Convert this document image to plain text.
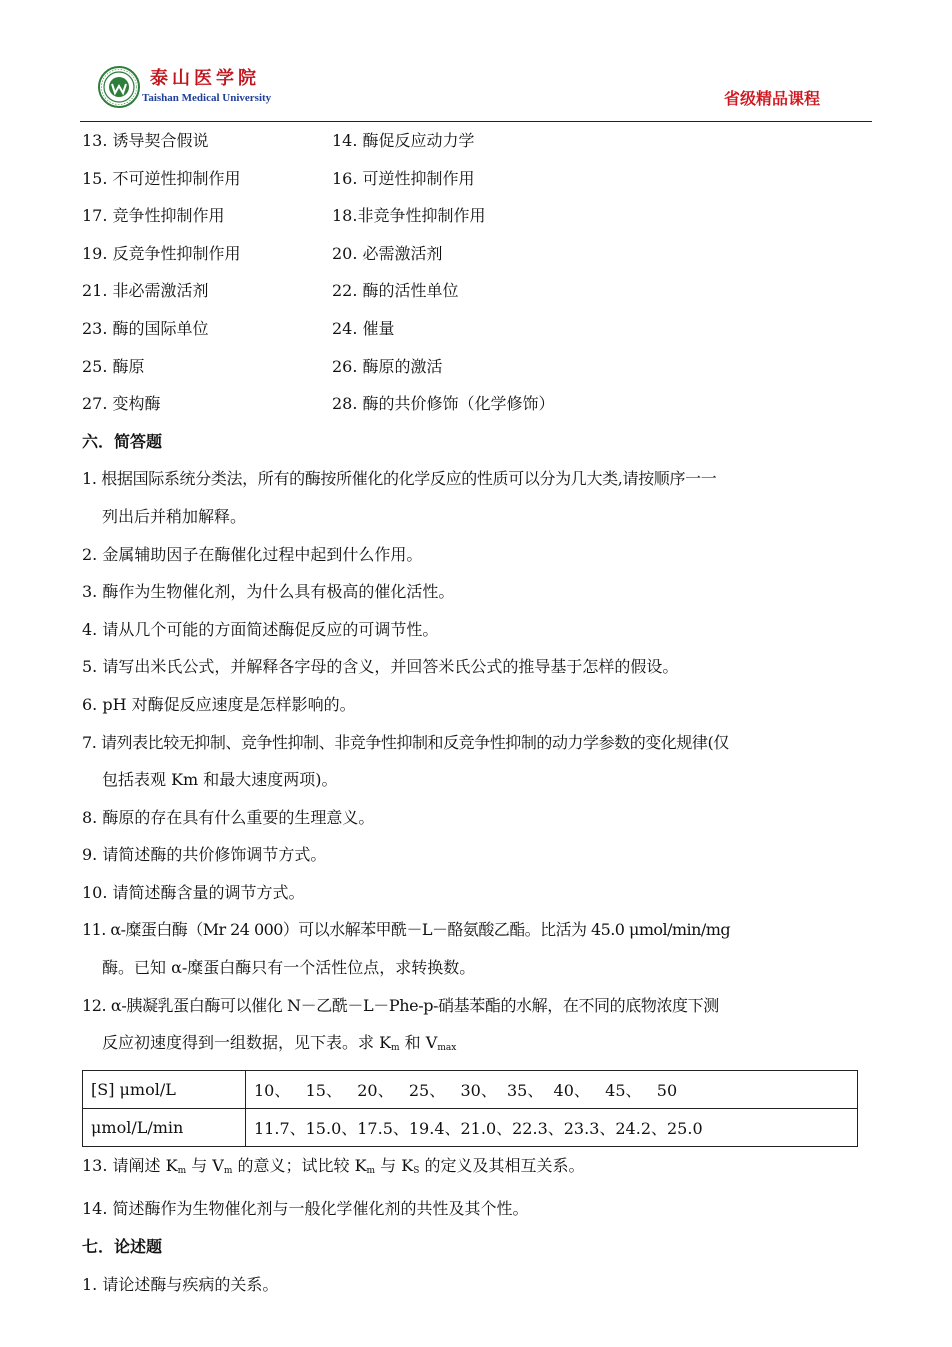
泰山医学院
Taishan Medical University	省级精品课程
13. 诱导契合假说	14. 酶促反应动力学
15. 不可逆性抑制作用	16. 可逆性抑制作用
17. 竞争性抑制作用	18.非竞争性抑制作用
19. 反竞争性抑制作用	20. 必需激活剂
21. 非必需激活剂	22. 酶的活性单位
23. 酶的国际单位	24. 催量
25. 酶原	26. 酶原的激活
27. 变构酶	28. 酶的共价修饰（化学修饰）
六．简答题
1. 根据国际系统分类法，所有的酶按所催化的化学反应的性质可以分为几大类,请按顺序一一
列出后并稍加解释。
2. 金属辅助因子在酶催化过程中起到什么作用。
3. 酶作为生物催化剂，为什么具有极高的催化活性。
4. 请从几个可能的方面简述酶促反应的可调节性。
5. 请写出米氏公式，并解释各字母的含义，并回答米氏公式的推导基于怎样的假设。
6. pH 对酶促反应速度是怎样影响的。
7. 请列表比较无抑制、竞争性抑制、非竞争性抑制和反竞争性抑制的动力学参数的变化规律(仅
包括表观 Km 和最大速度两项)。
8. 酶原的存在具有什么重要的生理意义。
9. 请简述酶的共价修饰调节方式。
10. 请简述酶含量的调节方式。
11. α-糜蛋白酶（Mr 24 000）可以水解苯甲酰－L－酪氨酸乙酯。比活为 45.0 μmol/min/mg
酶。已知 α-糜蛋白酶只有一个活性位点，求转换数。
12. α-胰凝乳蛋白酶可以催化 N－乙酰－L－Phe-p-硝基苯酯的水解，在不同的底物浓度下测
反应初速度得到一组数据，见下表。求 $K_m$ 和 $V_{max}$
[S] μmol/L	10、   15、   20、   25、   30、  35、  40、   45、   50
μmol/L/min	11.7、15.0、17.5、19.4、21.0、22.3、23.3、24.2、25.0
13. 请阐述 $K_m$ 与 $V_m$ 的意义；试比较 $K_m$ 与 $K_S$ 的定义及其相互关系。
14. 简述酶作为生物催化剂与一般化学催化剂的共性及其个性。
七．论述题
1. 请论述酶与疾病的关系。
